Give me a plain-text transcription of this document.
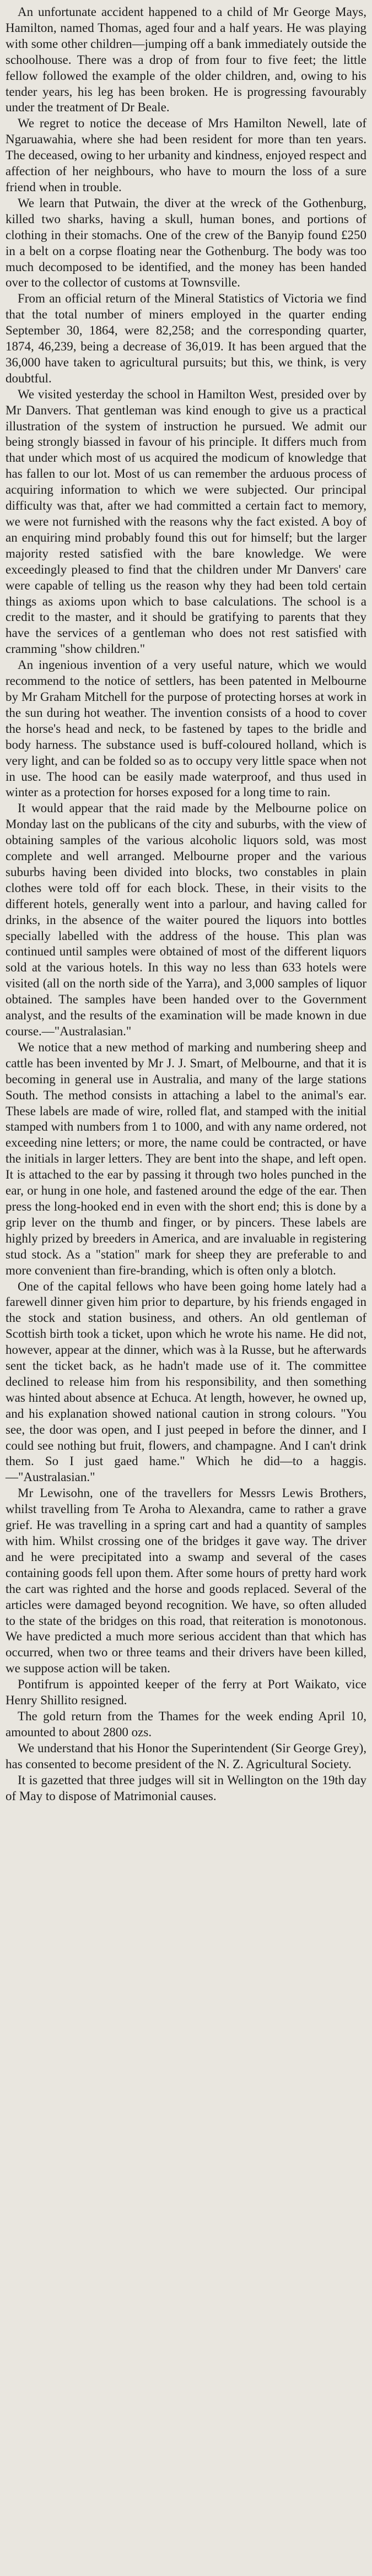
An unfortunate accident happened to a child of Mr George Mays, Hamilton, named Thomas, aged four and a half years. He was playing with some other children—jumping off a bank immediately outside the schoolhouse. There was a drop of from four to five feet; the little fellow followed the example of the older children, and, owing to his tender years, his leg has been broken. He is progressing favourably under the treatment of Dr Beale.

We regret to notice the decease of Mrs Hamilton Newell, late of Ngaruawahia, where she had been resident for more than ten years. The deceased, owing to her urbanity and kindness, enjoyed respect and affection of her neighbours, who have to mourn the loss of a sure friend when in trouble.

We learn that Putwain, the diver at the wreck of the Gothenburg, killed two sharks, having a skull, human bones, and portions of clothing in their stomachs. One of the crew of the Banyip found £250 in a belt on a corpse floating near the Gothenburg. The body was too much decomposed to be identified, and the money has been handed over to the collector of customs at Townsville.

From an official return of the Mineral Statistics of Victoria we find that the total number of miners employed in the quarter ending September 30, 1864, were 82,258; and the corresponding quarter, 1874, 46,239, being a decrease of 36,019. It has been argued that the 36,000 have taken to agricultural pursuits; but this, we think, is very doubtful.

We visited yesterday the school in Hamilton West, presided over by Mr Danvers. That gentleman was kind enough to give us a practical illustration of the system of instruction he pursued. We admit our being strongly biassed in favour of his principle. It differs much from that under which most of us acquired the modicum of knowledge that has fallen to our lot. Most of us can remember the arduous process of acquiring information to which we were subjected. Our principal difficulty was that, after we had committed a certain fact to memory, we were not furnished with the reasons why the fact existed. A boy of an enquiring mind probably found this out for himself; but the larger majority rested satisfied with the bare knowledge. We were exceedingly pleased to find that the children under Mr Danvers' care were capable of telling us the reason why they had been told certain things as axioms upon which to base calculations. The school is a credit to the master, and it should be gratifying to parents that they have the services of a gentleman who does not rest satisfied with cramming "show children."

An ingenious invention of a very useful nature, which we would recommend to the notice of settlers, has been patented in Melbourne by Mr Graham Mitchell for the purpose of protecting horses at work in the sun during hot weather. The invention consists of a hood to cover the horse's head and neck, to be fastened by tapes to the bridle and body harness. The substance used is buff-coloured holland, which is very light, and can be folded so as to occupy very little space when not in use. The hood can be easily made waterproof, and thus used in winter as a protection for horses exposed for a long time to rain.

It would appear that the raid made by the Melbourne police on Monday last on the publicans of the city and suburbs, with the view of obtaining samples of the various alcoholic liquors sold, was most complete and well arranged. Melbourne proper and the various suburbs having been divided into blocks, two constables in plain clothes were told off for each block. These, in their visits to the different hotels, generally went into a parlour, and having called for drinks, in the absence of the waiter poured the liquors into bottles specially labelled with the address of the house. This plan was continued until samples were obtained of most of the different liquors sold at the various hotels. In this way no less than 633 hotels were visited (all on the north side of the Yarra), and 3,000 samples of liquor obtained. The samples have been handed over to the Government analyst, and the results of the examination will be made known in due course.—"Australasian."

We notice that a new method of marking and numbering sheep and cattle has been invented by Mr J. J. Smart, of Melbourne, and that it is becoming in general use in Australia, and many of the large stations South. The method consists in attaching a label to the animal's ear. These labels are made of wire, rolled flat, and stamped with the initial stamped with numbers from 1 to 1000, and with any name ordered, not exceeding nine letters; or more, the name could be contracted, or have the initials in larger letters. They are bent into the shape, and left open. It is attached to the ear by passing it through two holes punched in the ear, or hung in one hole, and fastened around the edge of the ear. Then press the long-hooked end in even with the short end; this is done by a grip lever on the thumb and finger, or by pincers. These labels are highly prized by breeders in America, and are invaluable in registering stud stock. As a "station" mark for sheep they are preferable to and more convenient than fire-branding, which is often only a blotch.

One of the capital fellows who have been going home lately had a farewell dinner given him prior to departure, by his friends engaged in the stock and station business, and others. An old gentleman of Scottish birth took a ticket, upon which he wrote his name. He did not, however, appear at the dinner, which was à la Russe, but he afterwards sent the ticket back, as he hadn't made use of it. The committee declined to release him from his responsibility, and then something was hinted about absence at Echuca. At length, however, he owned up, and his explanation showed national caution in strong colours. "You see, the door was open, and I just peeped in before the dinner, and I could see nothing but fruit, flowers, and champagne. And I can't drink them. So I just gaed hame." Which he did—to a haggis.—"Australasian."

Mr Lewisohn, one of the travellers for Messrs Lewis Brothers, whilst travelling from Te Aroha to Alexandra, came to rather a grave grief. He was travelling in a spring cart and had a quantity of samples with him. Whilst crossing one of the bridges it gave way. The driver and he were precipitated into a swamp and several of the cases containing goods fell upon them. After some hours of pretty hard work the cart was righted and the horse and goods replaced. Several of the articles were damaged beyond recognition. We have, so often alluded to the state of the bridges on this road, that reiteration is monotonous. We have predicted a much more serious accident than that which has occurred, when two or three teams and their drivers have been killed, we suppose action will be taken.

Pontifrum is appointed keeper of the ferry at Port Waikato, vice Henry Shillito resigned.

The gold return from the Thames for the week ending April 10, amounted to about 2800 ozs.

We understand that his Honor the Superintendent (Sir George Grey), has consented to become president of the N. Z. Agricultural Society.

It is gazetted that three judges will sit in Wellington on the 19th day of May to dispose of Matrimonial causes.
